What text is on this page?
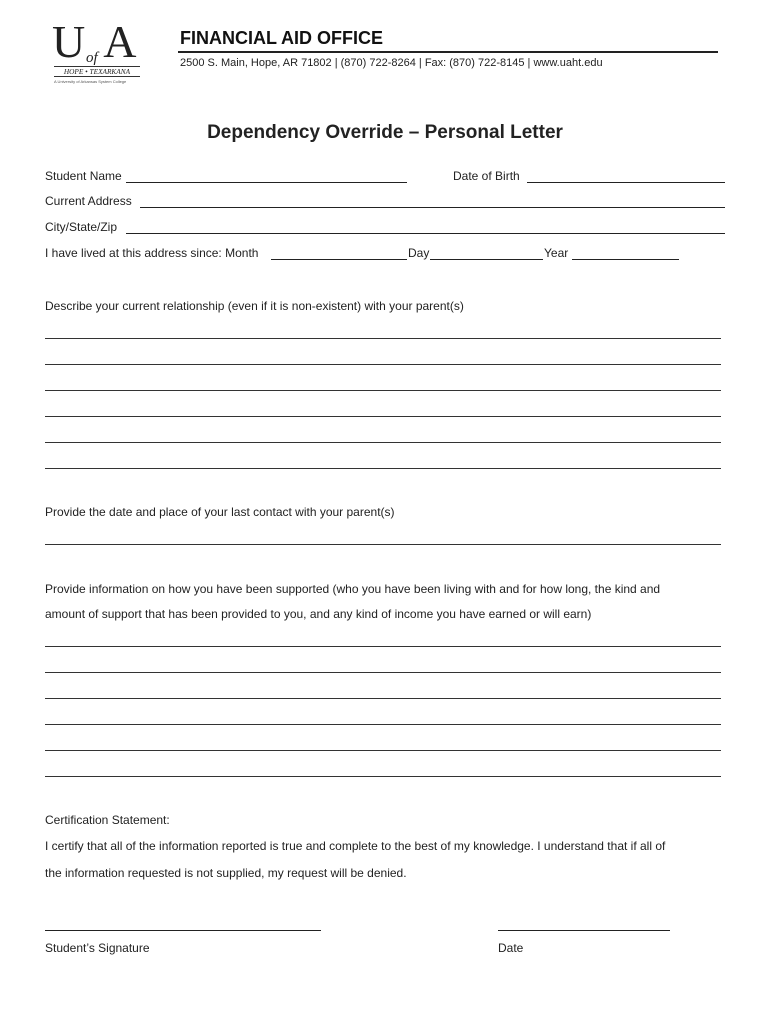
U of A
HOPE • TEXARKANA
A University of Arkansas System College
FINANCIAL AID OFFICE
2500 S. Main, Hope, AR 71802 | (870) 722-8264 | Fax: (870) 722-8145 | www.uaht.edu
Dependency Override – Personal Letter
Student Name	Date of Birth
Current Address
City/State/Zip
I have lived at this address since: Month	Day	Year
Describe your current relationship (even if it is non-existent) with your parent(s)
Provide the date and place of your last contact with your parent(s)
Provide information on how you have been supported (who you have been living with and for how long, the kind and
amount of support that has been provided to you, and any kind of income you have earned or will earn)
Certification Statement:
I certify that all of the information reported is true and complete to the best of my knowledge. I understand that if all of
the information requested is not supplied, my request will be denied.
Student’s Signature	Date
